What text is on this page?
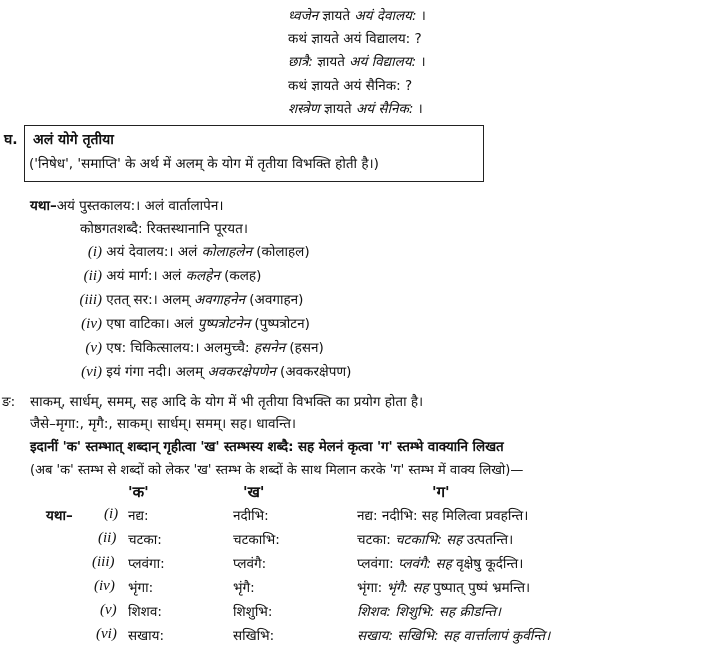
ध्वजेन ज्ञायते अयं देवालय: ।
कथं ज्ञायते अयं विद्यालय: ?
छात्रै: ज्ञायते अयं विद्यालय: ।
कथं ज्ञायते अयं सैनिक: ?
शस्त्रेण ज्ञायते अयं सैनिक: ।
घ. अलं योगे तृतीया
('निषेध', 'समाप्ति' के अर्थ में अलम् के योग में तृतीया विभक्ति होती है।)
यथा–अयं पुस्तकालय:। अलं वार्तालापेन।
कोष्ठगतशब्दै: रिक्तस्थानानि पूरयत।
(i) अयं देवालय:। अलं कोलाहलेन (कोलाहल)
(ii) अयं मार्ग:। अलं कलहेन (कलह)
(iii) एतत् सर:। अलम् अवगाहनेन (अवगाहन)
(iv) एषा वाटिका। अलं पुष्पत्रोटनेन (पुष्पत्रोटन)
(v) एष: चिकित्सालय:। अलमुच्चै: हसनेन (हसन)
(vi) इयं गंगा नदी। अलम् अवकरक्षेपणेन (अवकरक्षेपण)
ङ: साकम्, सार्धम्, समम्, सह आदि के योग में भी तृतीया विभक्ति का प्रयोग होता है।
जैसे–मृगा:, मृगै:, साकम्। सार्धम्। समम्। सह। धावन्ति।
इदानीं 'क' स्तम्भात् शब्दान् गृहीत्वा 'ख' स्तम्भस्य शब्दै: सह मेलनं कृत्वा 'ग' स्तम्भे वाक्यानि लिखत
(अब 'क' स्तम्भ से शब्दों को लेकर 'ख' स्तम्भ के शब्दों के साथ मिलान करके 'ग' स्तम्भ में वाक्य लिखो)—
'क'	'ख'	'ग'
यथा– (i) नद्य:	नदीभि:	नद्य: नदीभि: सह मिलित्वा प्रवहन्ति।
(ii) चटका:	चटकाभि:	चटका: चटकाभि: सह उत्पतन्ति।
(iii) प्लवंगा:	प्लवंगै:	प्लवंगा: प्लवंगै: सह वृक्षेषु कूर्दन्ति।
(iv) भृंगा:	भृंगै:	भृंगा: भृंगै: सह पुष्पात् पुष्पं भ्रमन्ति।
(v) शिशव:	शिशुभि:	शिशव: शिशुभि: सह क्रीडन्ति।
(vi) सखाय:	सखिभि:	सखाय: सखिभि: सह वार्त्तालापं कुर्वन्ति।
